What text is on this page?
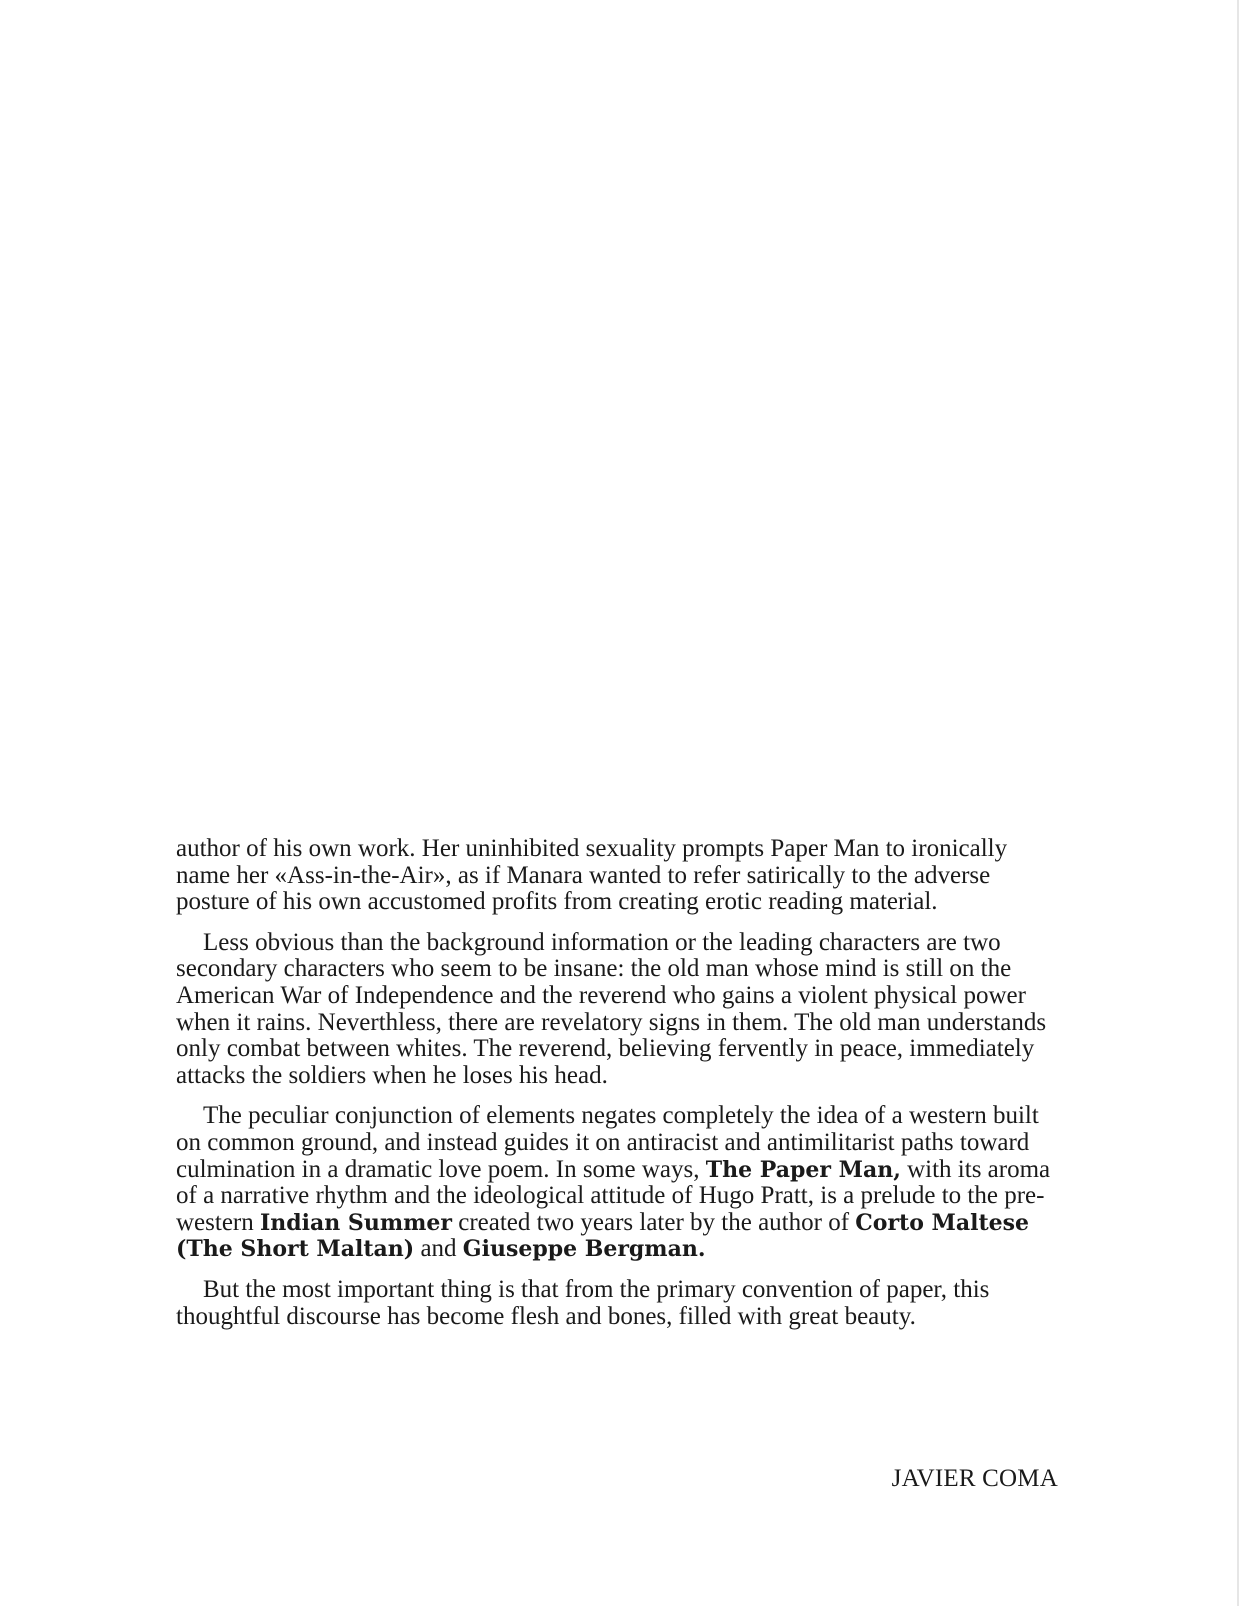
author of his own work. Her uninhibited sexuality prompts Paper Man to ironically name her «Ass-in-the-Air», as if Manara wanted to refer satirically to the adverse posture of his own accustomed profits from creating erotic reading material.

Less obvious than the background information or the leading characters are two secondary characters who seem to be insane: the old man whose mind is still on the American War of Independence and the reverend who gains a violent physical power when it rains. Neverthless, there are revelatory signs in them. The old man understands only combat between whites. The reverend, believing fervently in peace, immediately attacks the soldiers when he loses his head.

The peculiar conjunction of elements negates completely the idea of a western built on common ground, and instead guides it on antiracist and antimilitarist paths toward culmination in a dramatic love poem. In some ways, The Paper Man, with its aroma of a narrative rhythm and the ideological attitude of Hugo Pratt, is a prelude to the pre-western Indian Summer created two years later by the author of Corto Maltese (The Short Maltan) and Giuseppe Bergman.

But the most important thing is that from the primary convention of paper, this thoughtful discourse has become flesh and bones, filled with great beauty.

JAVIER COMA
